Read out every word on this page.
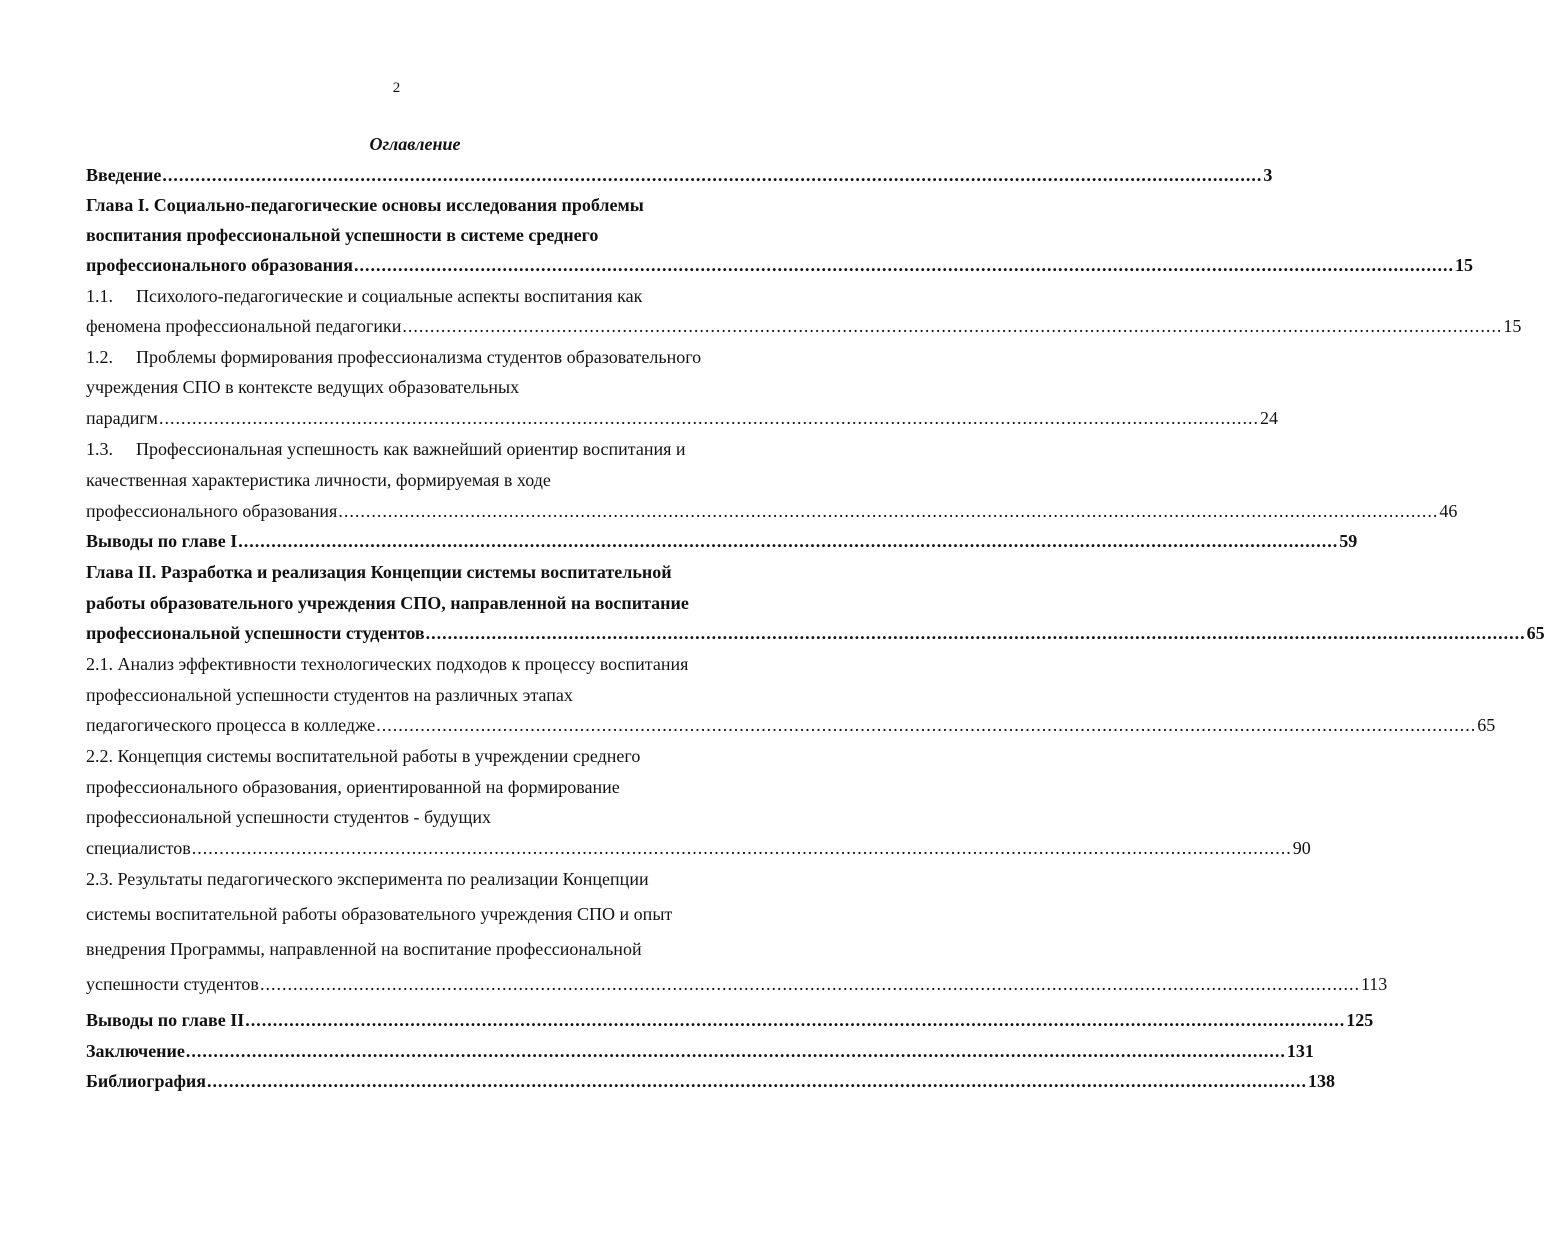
2
Оглавление
Введение ........................................................................................................................................................................................................ 3
Глава I. Социально-педагогические основы исследования проблемы
воспитания профессиональной успешности в системе среднего
профессионального образования ........................................................................................................................................................................................................ 15
1.1. Психолого-педагогические и социальные аспекты воспитания как
феномена профессиональной педагогики ........................................................................................................................................................................................................ 15
1.2. Проблемы формирования профессионализма студентов образовательного
учреждения СПО в контексте ведущих образовательных
парадигм ........................................................................................................................................................................................................ 24
1.3. Профессиональная успешность как важнейший ориентир воспитания и
качественная характеристика личности, формируемая в ходе
профессионального образования ........................................................................................................................................................................................................ 46
Выводы по главе I ........................................................................................................................................................................................................ 59
Глава II. Разработка и реализация Концепции системы воспитательной
работы образовательного учреждения СПО, направленной на воспитание
профессиональной успешности студентов ........................................................................................................................................................................................................ 65
2.1. Анализ эффективности технологических подходов к процессу воспитания
профессиональной успешности студентов на различных этапах
педагогического процесса в колледже ........................................................................................................................................................................................................ 65
2.2. Концепция системы воспитательной работы в учреждении среднего
профессионального образования, ориентированной на формирование
профессиональной успешности студентов - будущих
специалистов ........................................................................................................................................................................................................ 90
2.3. Результаты педагогического эксперимента по реализации Концепции
системы воспитательной работы образовательного учреждения СПО и опыт
внедрения Программы, направленной на воспитание профессиональной
успешности студентов ........................................................................................................................................................................................................ 113
Выводы по главе II ........................................................................................................................................................................................................ 125
Заключение ........................................................................................................................................................................................................ 131
Библиография ........................................................................................................................................................................................................ 138
